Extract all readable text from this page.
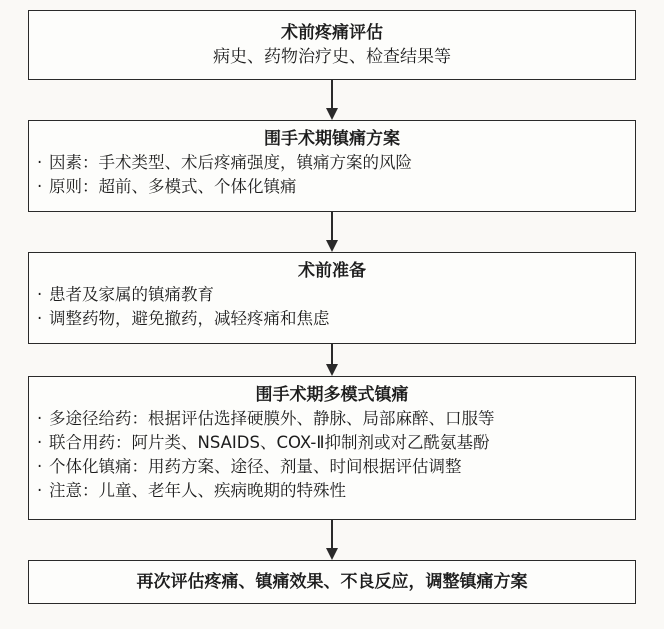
术前疼痛评估
病史、药物治疗史、检查结果等
围手术期镇痛方案
· 因素：手术类型、术后疼痛强度，镇痛方案的风险
· 原则：超前、多模式、个体化镇痛
术前准备
· 患者及家属的镇痛教育
· 调整药物，避免撤药，减轻疼痛和焦虑
围手术期多模式镇痛
· 多途径给药：根据评估选择硬膜外、静脉、局部麻醉、口服等
· 联合用药：阿片类、NSAIDS、COX-Ⅱ抑制剂或对乙酰氨基酚
· 个体化镇痛：用药方案、途径、剂量、时间根据评估调整
· 注意：儿童、老年人、疾病晚期的特殊性
再次评估疼痛、镇痛效果、不良反应，调整镇痛方案
